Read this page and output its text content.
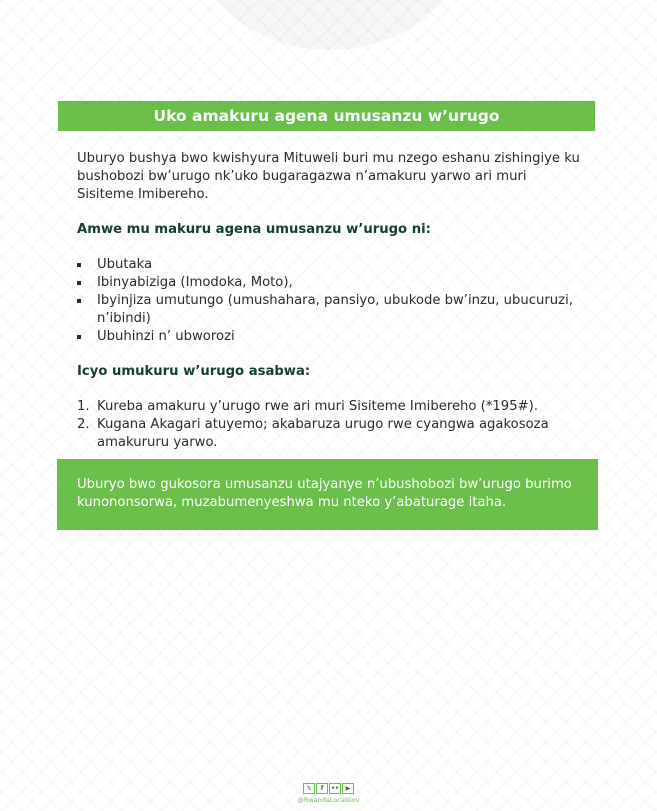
Uko amakuru agena umusanzu w’urugo

Uburyo bushya bwo kwishyura Mituweli buri mu nzego eshanu zishingiye ku bushobozi bw’urugo nk’uko bugaragazwa n’amakuru yarwo ari muri Sisiteme Imibereho.

Amwe mu makuru agena umusanzu w’urugo ni:

Ubutaka
Ibinyabiziga (Imodoka, Moto),
Ibyinjiza umutungo (umushahara, pansiyo, ubukode bw’inzu, ubucuruzi, n’ibindi)
Ubuhinzi n’ ubworozi

Icyo umukuru w’urugo asabwa:

1. Kureba amakuru y’urugo rwe ari muri Sisiteme Imibereho (*195#).
2. Kugana Akagari atuyemo; akabaruza urugo rwe cyangwa agakosoza amakururu yarwo.
Uburyo bwo gukosora umusanzu utajyanye n’ubushobozi bw’urugo burimo kunononsorwa, muzabumenyeshwa mu nteko y’abaturage itaha.
𝕏	f	••	▶
@RwandaLocalGov
